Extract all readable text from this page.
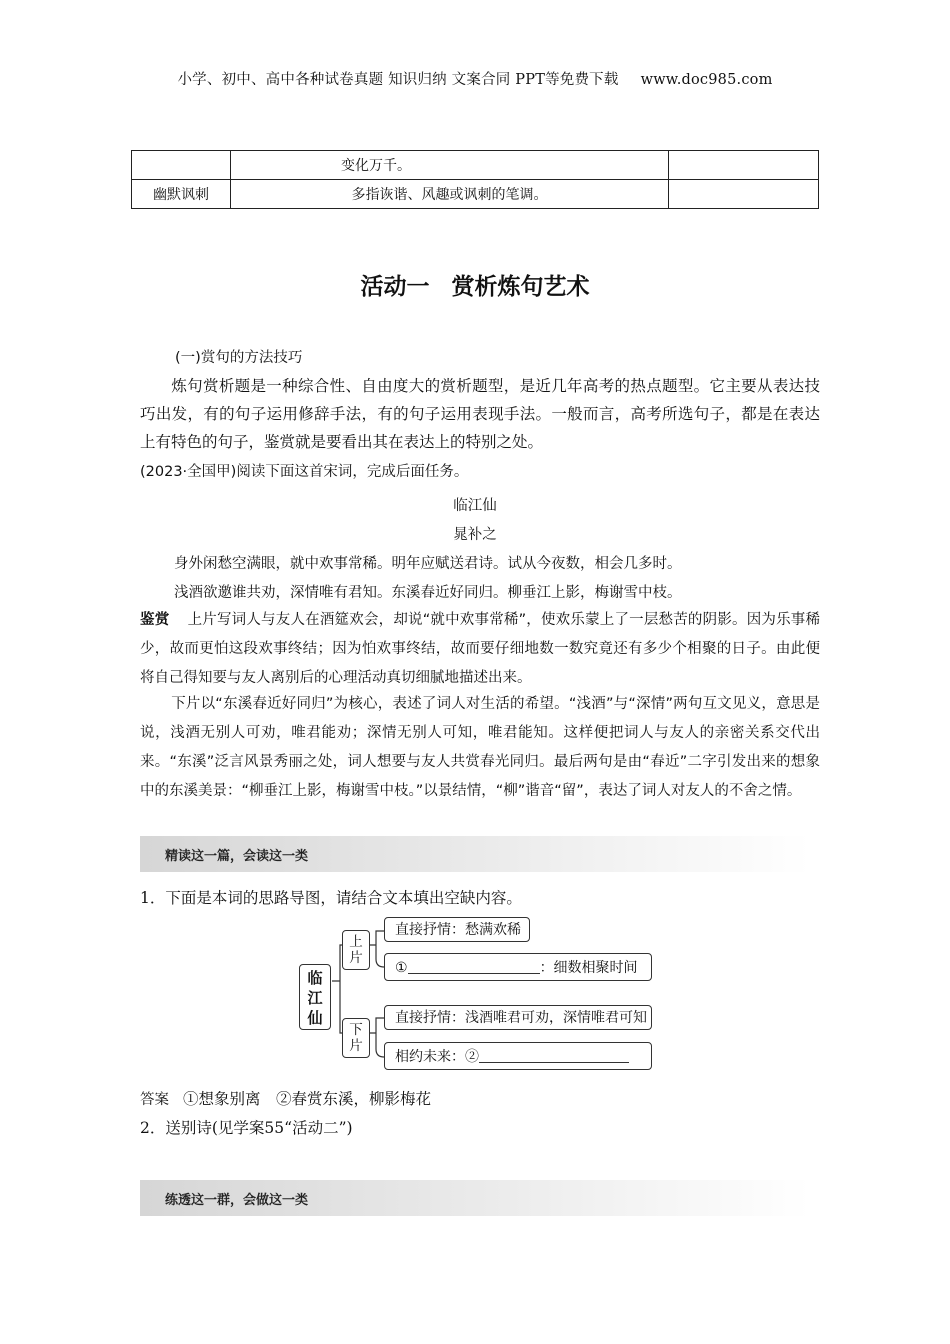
小学、初中、高中各种试卷真题 知识归纳 文案合同 PPT等免费下载 www.doc985.com
	变化万千。	
幽默讽刺	多指诙谐、风趣或讽刺的笔调。	
活动一 赏析炼句艺术
(一)赏句的方法技巧
炼句赏析题是一种综合性、自由度大的赏析题型，是近几年高考的热点题型。它主要从表达技巧出发，有的句子运用修辞手法，有的句子运用表现手法。一般而言，高考所选句子，都是在表达上有特色的句子，鉴赏就是要看出其在表达上的特别之处。
(2023·全国甲)阅读下面这首宋词，完成后面任务。
临江仙
晁补之
身外闲愁空满眼，就中欢事常稀。明年应赋送君诗。试从今夜数，相会几多时。
浅酒欲邀谁共劝，深情唯有君知。东溪春近好同归。柳垂江上影，梅谢雪中枝。
鉴赏 上片写词人与友人在酒筵欢会，却说“就中欢事常稀”，使欢乐蒙上了一层愁苦的阴影。因为乐事稀少，故而更怕这段欢事终结；因为怕欢事终结，故而要仔细地数一数究竟还有多少个相聚的日子。由此便将自己得知要与友人离别后的心理活动真切细腻地描述出来。
下片以“东溪春近好同归”为核心，表述了词人对生活的希望。“浅酒”与“深情”两句互文见义，意思是说，浅酒无别人可劝，唯君能劝；深情无别人可知，唯君能知。这样便把词人与友人的亲密关系交代出来。“东溪”泛言风景秀丽之处，词人想要与友人共赏春光同归。最后两句是由“春近”二字引发出来的想象中的东溪美景：“柳垂江上影，梅谢雪中枝。”以景结情，“柳”谐音“留”，表达了词人对友人的不舍之情。
精读这一篇，会读这一类
1．下面是本词的思路导图，请结合文本填出空缺内容。
临江仙
上片
下片
直接抒情：愁满欢稀
①	：细数相聚时间
直接抒情：浅酒唯君可劝，深情唯君可知
相约未来：②
答案 ①想象别离　②春赏东溪，柳影梅花
2．送别诗(见学案55“活动二”)
练透这一群，会做这一类
